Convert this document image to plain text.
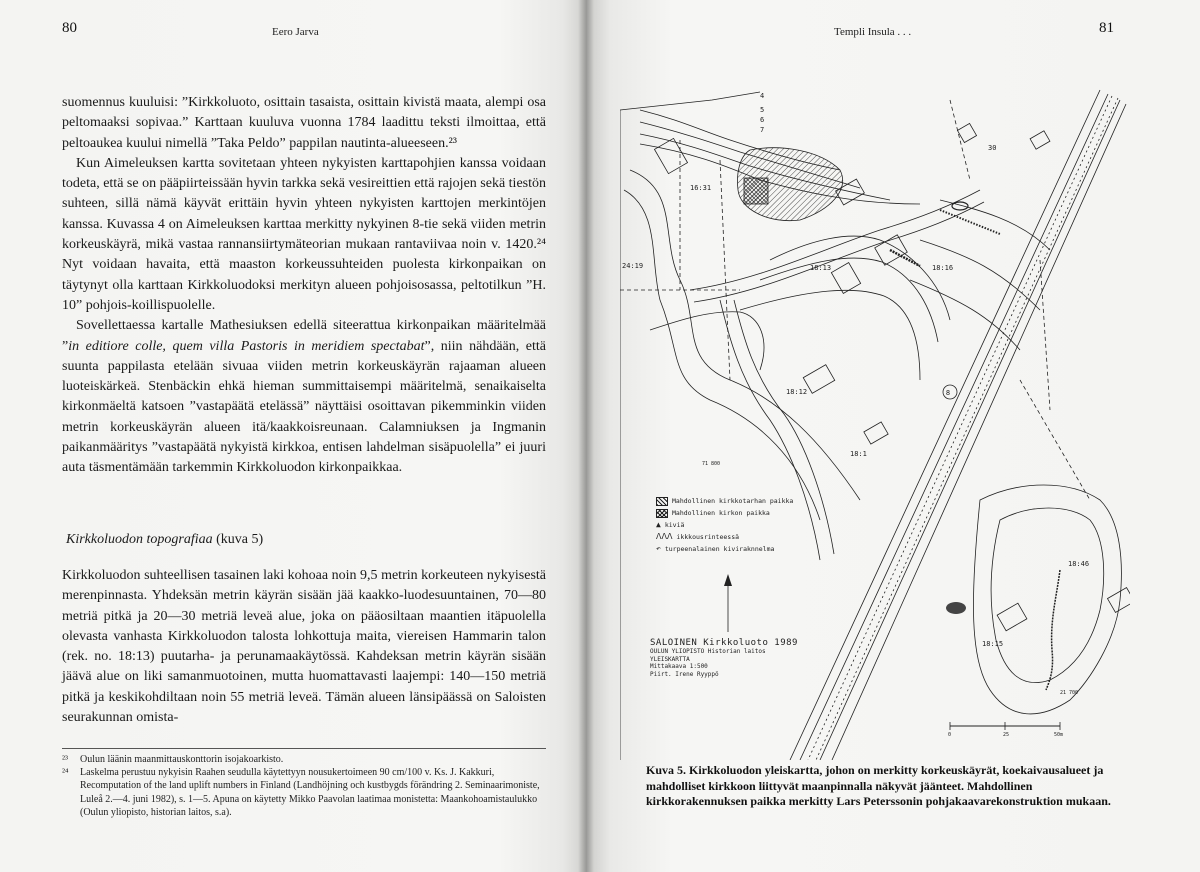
80	Eero Jarva

suomennus kuuluisi: ”Kirkkoluoto, osittain tasaista, osittain kivistä maata, alempi osa peltomaaksi sopivaa.” Karttaan kuuluva vuonna 1784 laadittu teksti ilmoittaa, että peltoaukea kuului nimellä ”Taka Peldo” pappilan nautinta-alueeseen.²³

Kun Aimeleuksen kartta sovitetaan yhteen nykyisten karttapohjien kanssa voidaan todeta, että se on pääpiirteissään hyvin tarkka sekä vesireittien että rajojen sekä tiestön suhteen, sillä nämä käyvät erittäin hyvin yhteen nykyisten karttojen merkintöjen kanssa. Kuvassa 4 on Aimeleuksen karttaa merkitty nykyinen 8-tie sekä viiden metrin korkeuskäyrä, mikä vastaa rannansiirtymäteorian mukaan rantaviivaa noin v. 1420.²⁴ Nyt voidaan havaita, että maaston korkeussuhteiden puolesta kirkonpaikan on täytynyt olla karttaan Kirkkoluodoksi merkityn alueen pohjoisosassa, peltotilkun ”H. 10” pohjois-koillispuolelle.

Sovellettaessa kartalle Mathesiuksen edellä siteerattua kirkonpaikan määritelmää ”in editiore colle, quem villa Pastoris in meridiem spectabat”, niin nähdään, että suunta pappilasta etelään sivuaa viiden metrin korkeuskäyrän rajaaman alueen luoteiskärkeä. Stenbäckin ehkä hieman summittaisempi määritelmä, senaikaiselta kirkonmäeltä katsoen ”vastapäätä etelässä” näyttäisi osoittavan pikemminkin viiden metrin korkeuskäyrän alueen itä/kaakkoisreunaan. Calamniuksen ja Ingmanin paikanmääritys ”vastapäätä nykyistä kirkkoa, entisen lahdelman sisäpuolella” ei juuri auta täsmentämään tarkemmin Kirkkoluodon kirkonpaikkaa.

Kirkkoluodon topografiaa (kuva 5)

Kirkkoluodon suhteellisen tasainen laki kohoaa noin 9,5 metrin korkeuteen nykyisestä merenpinnasta. Yhdeksän metrin käyrän sisään jää kaakko-luodesuuntainen, 70—80 metriä pitkä ja 20—30 metriä leveä alue, joka on pääosiltaan maantien itäpuolella olevasta vanhasta Kirkkoluodon talosta lohkottuja maita, viereisen Hammarin talon (rek. no. 18:13) puutarha- ja perunamaakäytössä. Kahdeksan metrin käyrän sisään jäävä alue on liki samanmuotoinen, mutta huomattavasti laajempi: 140—150 metriä pitkä ja keskikohdiltaan noin 55 metriä leveä. Tämän alueen länsipäässä on Saloisten seurakunnan omista-

²³	Oulun läänin maanmittauskonttorin isojakoarkisto.
²⁴	Laskelma perustuu nykyisin Raahen seudulla käytettyyn nousukertoimeen 90 cm/100 v. Ks. J. Kakkuri, Recomputation of the land uplift numbers in Finland (Landhöjning och kustbygds förändring 2. Seminaarimoniste, Luleå 2.—4. juni 1982), s. 1—5. Apuna on käytetty Mikko Paavolan laatimaa monistetta: Maankohoamistaulukko (Oulun yliopisto, historian laitos, s.a).
Templi Insula . . .	81
4
5
6
7
16:31
24:19	18:13	18:16
18:12
18:1
18:15
18:46
30
8
71 800
21 700
0	25	50m
Mahdollinen kirkkotarhan paikka
Mahdollinen kirkon paikka
▲ kiviä
ᐱᐱᐱ ikkkousrinteessä
↶ turpeenalainen kiviraknnelma
SALOINEN Kirkkoluoto 1989
OULUN YLIOPISTO Historian laitos
YLEISKARTTA
Mittakaava 1:500
Piirt. Irene Ryyppö
Kuva 5. Kirkkoluodon yleiskartta, johon on merkitty korkeuskäyrät, koekaivausalueet ja mahdolliset kirkkoon liittyvät maanpinnalla näkyvät jäänteet. Mahdollinen kirkkorakennuksen paikka merkitty Lars Peterssonin pohjakaavarekonstruktion mukaan.
